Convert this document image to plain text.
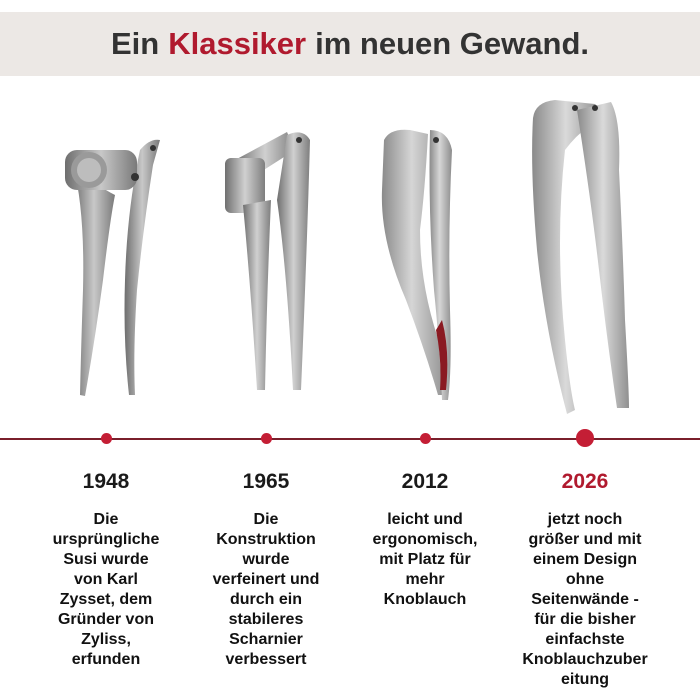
Ein Klassiker im neuen Gewand.
1948
Die
ursprüngliche
Susi wurde
von Karl
Zysset, dem
Gründer von
Zyliss,
erfunden
1965
Die
Konstruktion
wurde
verfeinert und
durch ein
stabileres
Scharnier
verbessert
2012
leicht und
ergonomisch,
mit Platz für
mehr
Knoblauch
2026
jetzt noch
größer und mit
einem Design
ohne
Seitenwände -
für die bisher
einfachste
Knoblauchzuber
eitung
